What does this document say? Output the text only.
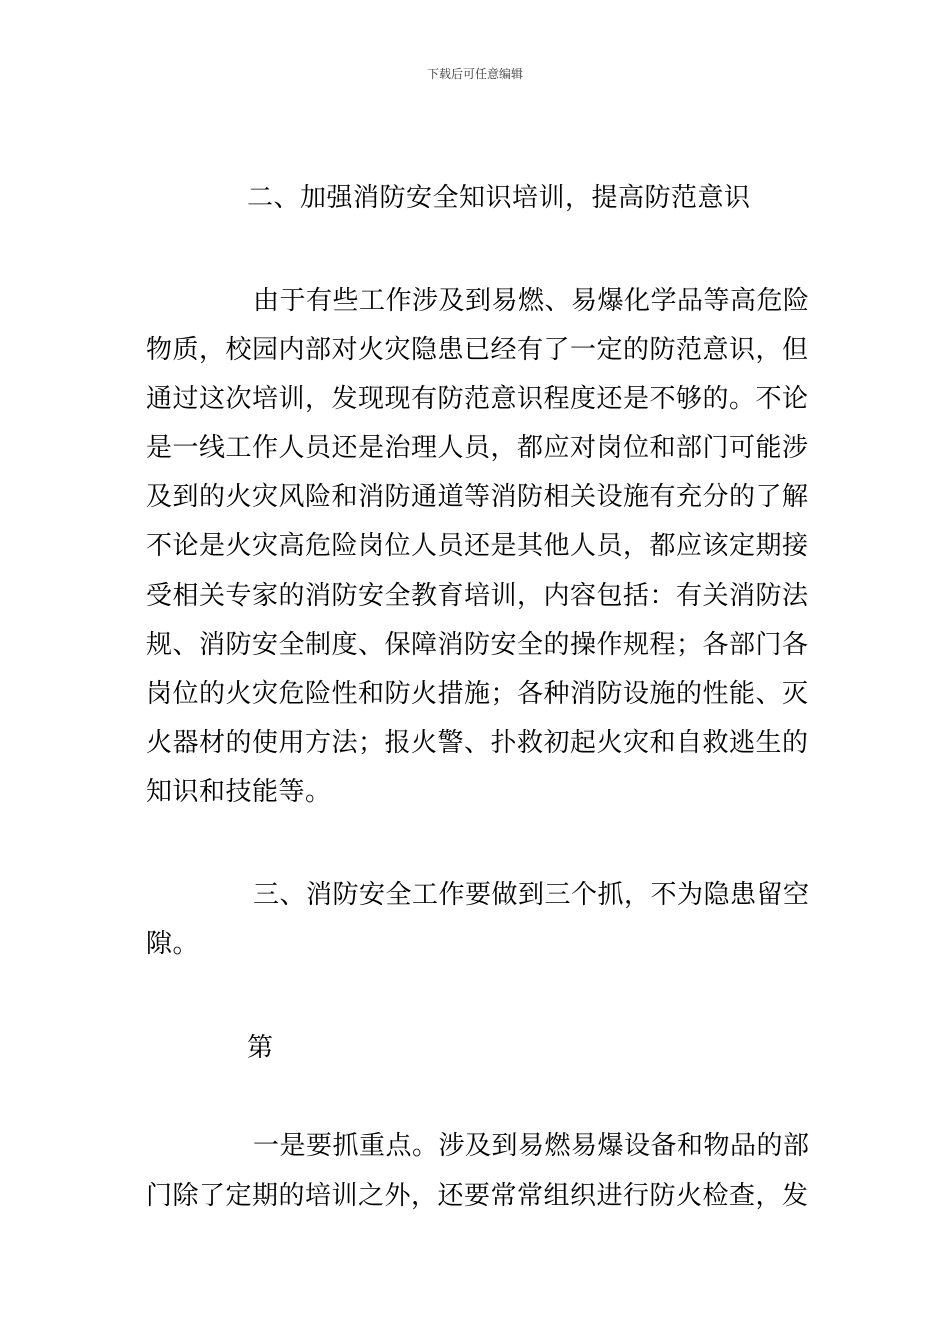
下载后可任意编辑
二、加强消防安全知识培训，提高防范意识
由于有些工作涉及到易燃、易爆化学品等高危险
物质，校园内部对火灾隐患已经有了一定的防范意识，但
通过这次培训，发现现有防范意识程度还是不够的。不论
是一线工作人员还是治理人员，都应对岗位和部门可能涉
及到的火灾风险和消防通道等消防相关设施有充分的了解
不论是火灾高危险岗位人员还是其他人员，都应该定期接
受相关专家的消防安全教育培训，内容包括：有关消防法
规、消防安全制度、保障消防安全的操作规程；各部门各
岗位的火灾危险性和防火措施；各种消防设施的性能、灭
火器材的使用方法；报火警、扑救初起火灾和自救逃生的
知识和技能等。
三、消防安全工作要做到三个抓，不为隐患留空
隙。
第
一是要抓重点。涉及到易燃易爆设备和物品的部
门除了定期的培训之外，还要常常组织进行防火检查，发
